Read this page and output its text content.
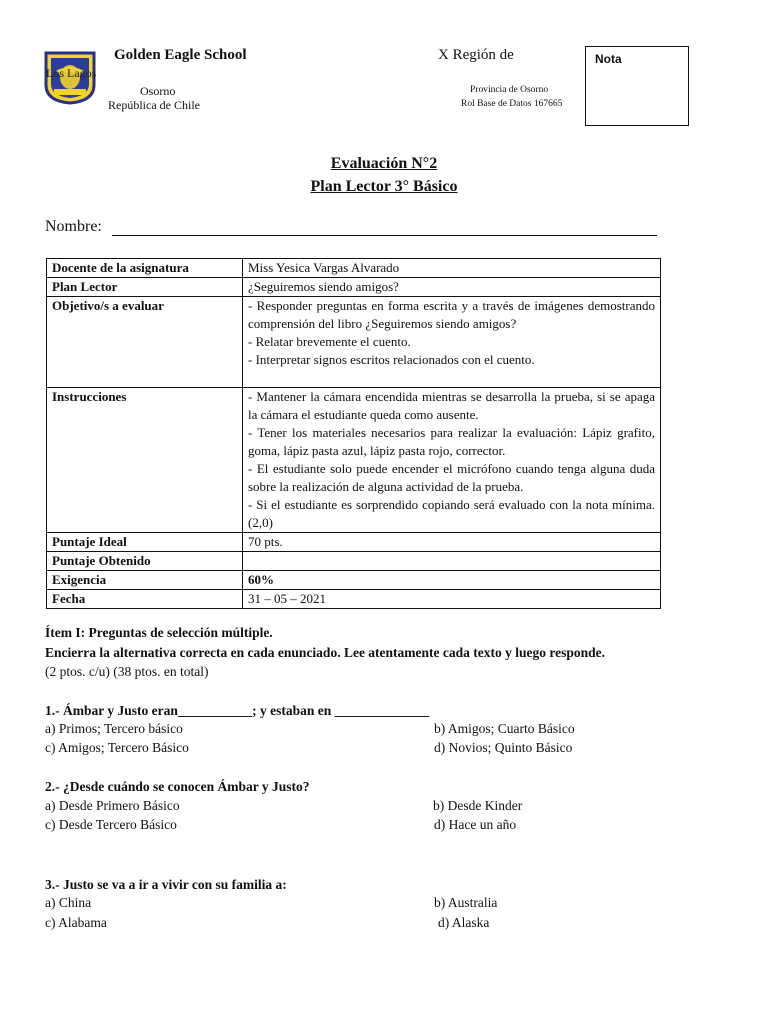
Los Lagos
Golden Eagle School
Osorno
República de Chile
X Región de
Provincia de Osorno
Rol Base de Datos 167665
Nota
Evaluación N°2
Plan Lector 3° Básico
Nombre:
Docente de la asignatura	Miss Yesica Vargas Alvarado

Plan Lector	¿Seguiremos siendo amigos?

Objetivo/s a evaluar	- Responder preguntas en forma escrita y a través de imágenes demostrando comprensión del libro ¿Seguiremos siendo amigos?
- Relatar brevemente el cuento.
- Interpretar signos escritos relacionados con el cuento.

Instrucciones	- Mantener la cámara encendida mientras se desarrolla la prueba, si se apaga la cámara el estudiante queda como ausente.
- Tener los materiales necesarios para realizar la evaluación: Lápiz grafito, goma, lápiz pasta azul, lápiz pasta rojo, corrector.
- El estudiante solo puede encender el micrófono cuando tenga alguna duda sobre la realización de alguna actividad de la prueba.
- Si el estudiante es sorprendido copiando será evaluado con la nota mínima. (2,0)

Puntaje Ideal	70 pts.

Puntaje Obtenido	

Exigencia	60%

Fecha	31 – 05 – 2021
Ítem I: Preguntas de selección múltiple.
Encierra la alternativa correcta en cada enunciado. Lee atentamente cada texto y luego responde.
(2 ptos. c/u) (38 ptos. en total)
1.- Ámbar y Justo eran___________; y estaban en ______________
a) Primos; Tercero básico	b) Amigos; Cuarto Básico
c) Amigos; Tercero Básico	d) Novios; Quinto Básico
2.- ¿Desde cuándo se conocen Ámbar y Justo?
a) Desde Primero Básico	b) Desde Kinder
c) Desde Tercero Básico	d) Hace un año
3.- Justo se va a ir a vivir con su familia a:
a) China	b) Australia
c) Alabama	d) Alaska
